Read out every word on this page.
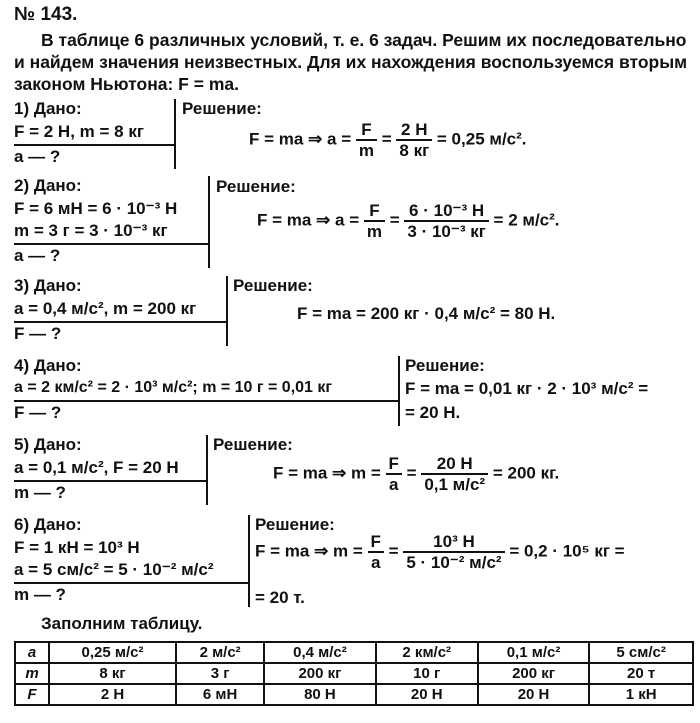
№ 143.
В таблице 6 различных условий, т. е. 6 задач. Решим их последовательно
и найдем значения неизвестных. Для их нахождения воспользуемся вторым
законом Ньютона: F = ma.
1) Дано:
F = 2 Н, m = 8 кг
a — ?
Решение:
F = ma ⇒ $a = \frac{F}{m} = \frac{2 Н}{8 кг} = 0,25$ м/с².
2) Дано:
F = 6 мН = 6 · 10⁻³ Н
m = 3 г = 3 · 10⁻³ кг
a — ?
Решение:
F = ma ⇒ $a = \frac{F}{m} = \frac{\text{6 · 10⁻³ Н}}{\text{3 · 10⁻³ кг}} = 2$ м/с².
3) Дано:
a = 0,4 м/с², m = 200 кг
F — ?
Решение:
F = ma = 200 кг · 0,4 м/с² = 80 Н.
4) Дано:
a = 2 км/с² = 2 · 10³ м/с²; m = 10 г = 0,01 кг
F — ?
Решение:
F = ma = 0,01 кг · 2 · 10³ м/с² =
= 20 Н.
5) Дано:
a = 0,1 м/с², F = 20 Н
m — ?
Решение:
F = ma ⇒ $m = \frac{F}{a} = \frac{20 Н}{\text{0,1 м/с²}} = 200$ кг.
6) Дано:
F = 1 кН = 10³ Н
a = 5 см/с² = 5 · 10⁻² м/с²
m — ?
Решение:
F = ma ⇒ $m = \frac{F}{a} = \frac{\text{10³ Н}}{\text{5 · 10⁻² м/с²}} = 0,2 \cdot 10^5$ кг =
= 20 т.
Заполним таблицу.
a	0,25 м/с²	2 м/с²	0,4 м/с²	2 км/с²	0,1 м/с²	5 см/с²
m	8 кг	3 г	200 кг	10 г	200 кг	20 т
F	2 Н	6 мН	80 Н	20 Н	20 Н	1 кН
